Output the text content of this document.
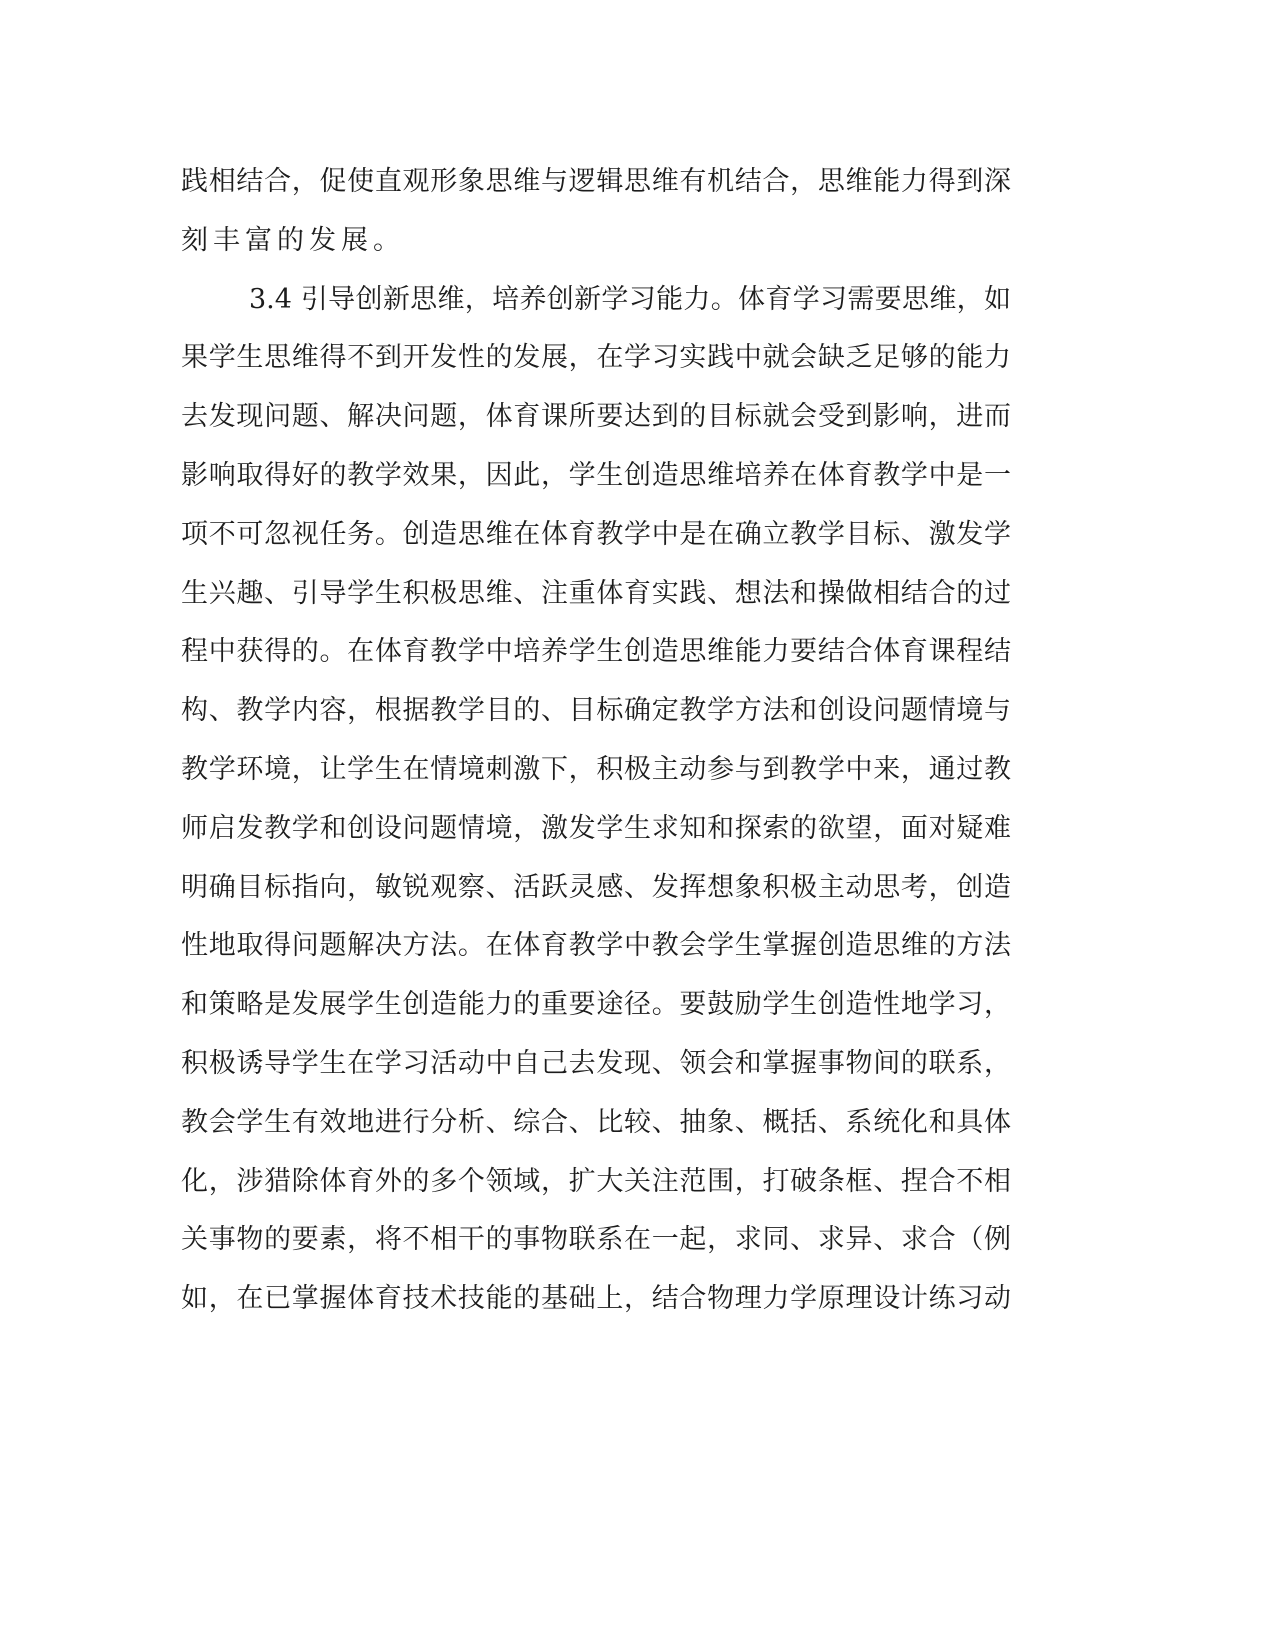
践相结合，促使直观形象思维与逻辑思维有机结合，思维能力得到深
刻丰富的发展。
3.4 引导创新思维，培养创新学习能力。体育学习需要思维，如
果学生思维得不到开发性的发展，在学习实践中就会缺乏足够的能力
去发现问题、解决问题，体育课所要达到的目标就会受到影响，进而
影响取得好的教学效果，因此，学生创造思维培养在体育教学中是一
项不可忽视任务。创造思维在体育教学中是在确立教学目标、激发学
生兴趣、引导学生积极思维、注重体育实践、想法和操做相结合的过
程中获得的。在体育教学中培养学生创造思维能力要结合体育课程结
构、教学内容，根据教学目的、目标确定教学方法和创设问题情境与
教学环境，让学生在情境刺激下，积极主动参与到教学中来，通过教
师启发教学和创设问题情境，激发学生求知和探索的欲望，面对疑难
明确目标指向，敏锐观察、活跃灵感、发挥想象积极主动思考，创造
性地取得问题解决方法。在体育教学中教会学生掌握创造思维的方法
和策略是发展学生创造能力的重要途径。要鼓励学生创造性地学习，
积极诱导学生在学习活动中自己去发现、领会和掌握事物间的联系，
教会学生有效地进行分析、综合、比较、抽象、概括、系统化和具体
化，涉猎除体育外的多个领域，扩大关注范围，打破条框、捏合不相
关事物的要素，将不相干的事物联系在一起，求同、求异、求合（例
如，在已掌握体育技术技能的基础上，结合物理力学原理设计练习动
